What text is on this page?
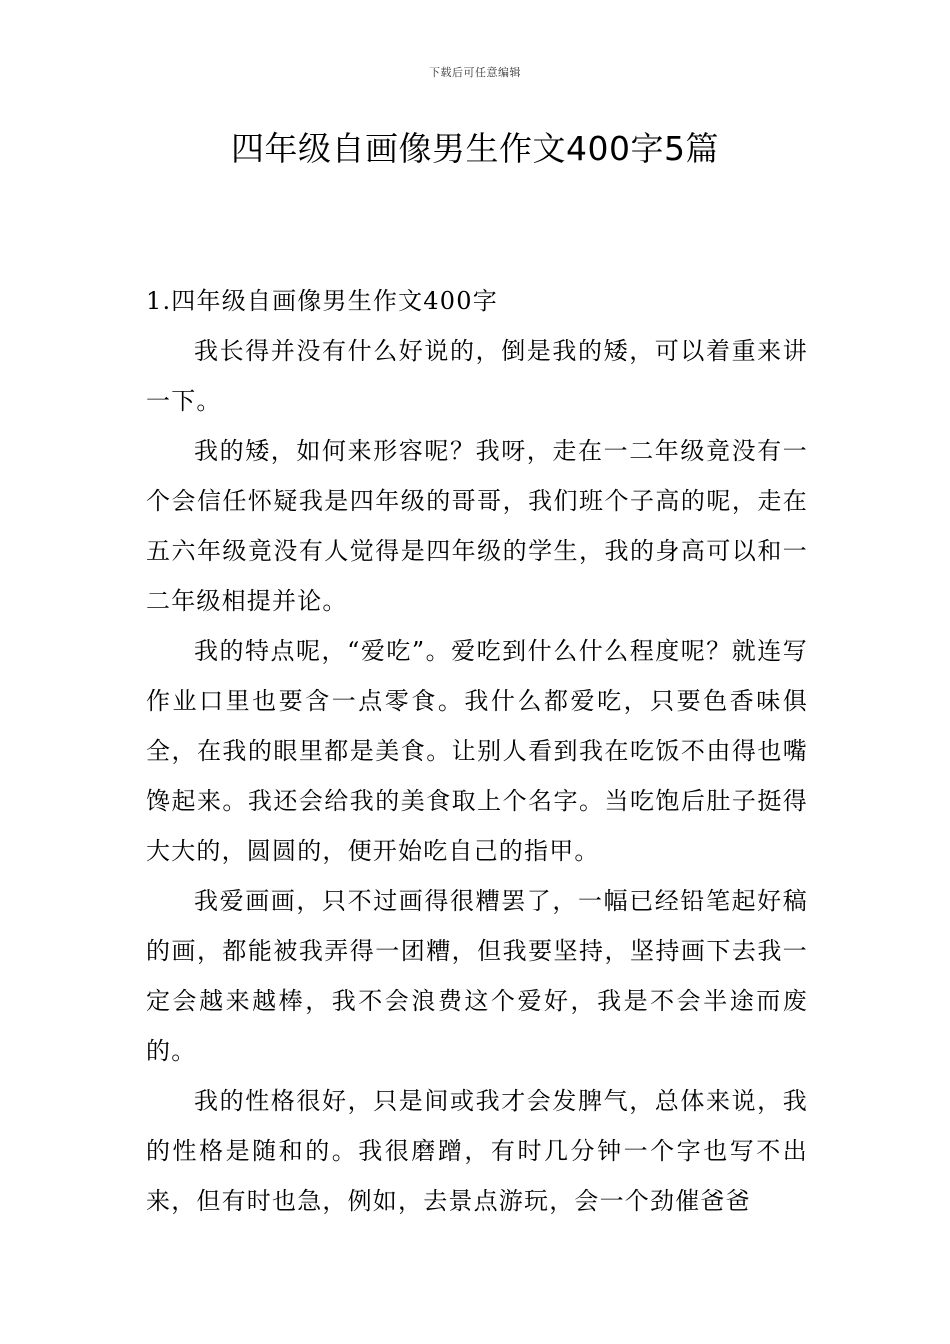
下载后可任意编辑
四年级自画像男生作文400字5篇
1.四年级自画像男生作文400字

我长得并没有什么好说的，倒是我的矮，可以着重来讲一下。

我的矮，如何来形容呢？我呀，走在一二年级竟没有一个会信任怀疑我是四年级的哥哥，我们班个子高的呢，走在五六年级竟没有人觉得是四年级的学生，我的身高可以和一二年级相提并论。

我的特点呢，“爱吃”。爱吃到什么什么程度呢？就连写作业口里也要含一点零食。我什么都爱吃，只要色香味俱全，在我的眼里都是美食。让别人看到我在吃饭不由得也嘴馋起来。我还会给我的美食取上个名字。当吃饱后肚子挺得大大的，圆圆的，便开始吃自己的指甲。

我爱画画，只不过画得很糟罢了，一幅已经铅笔起好稿的画，都能被我弄得一团糟，但我要坚持，坚持画下去我一定会越来越棒，我不会浪费这个爱好，我是不会半途而废的。

我的性格很好，只是间或我才会发脾气，总体来说，我的性格是随和的。我很磨蹭，有时几分钟一个字也写不出来，但有时也急，例如，去景点游玩，会一个劲催爸爸
